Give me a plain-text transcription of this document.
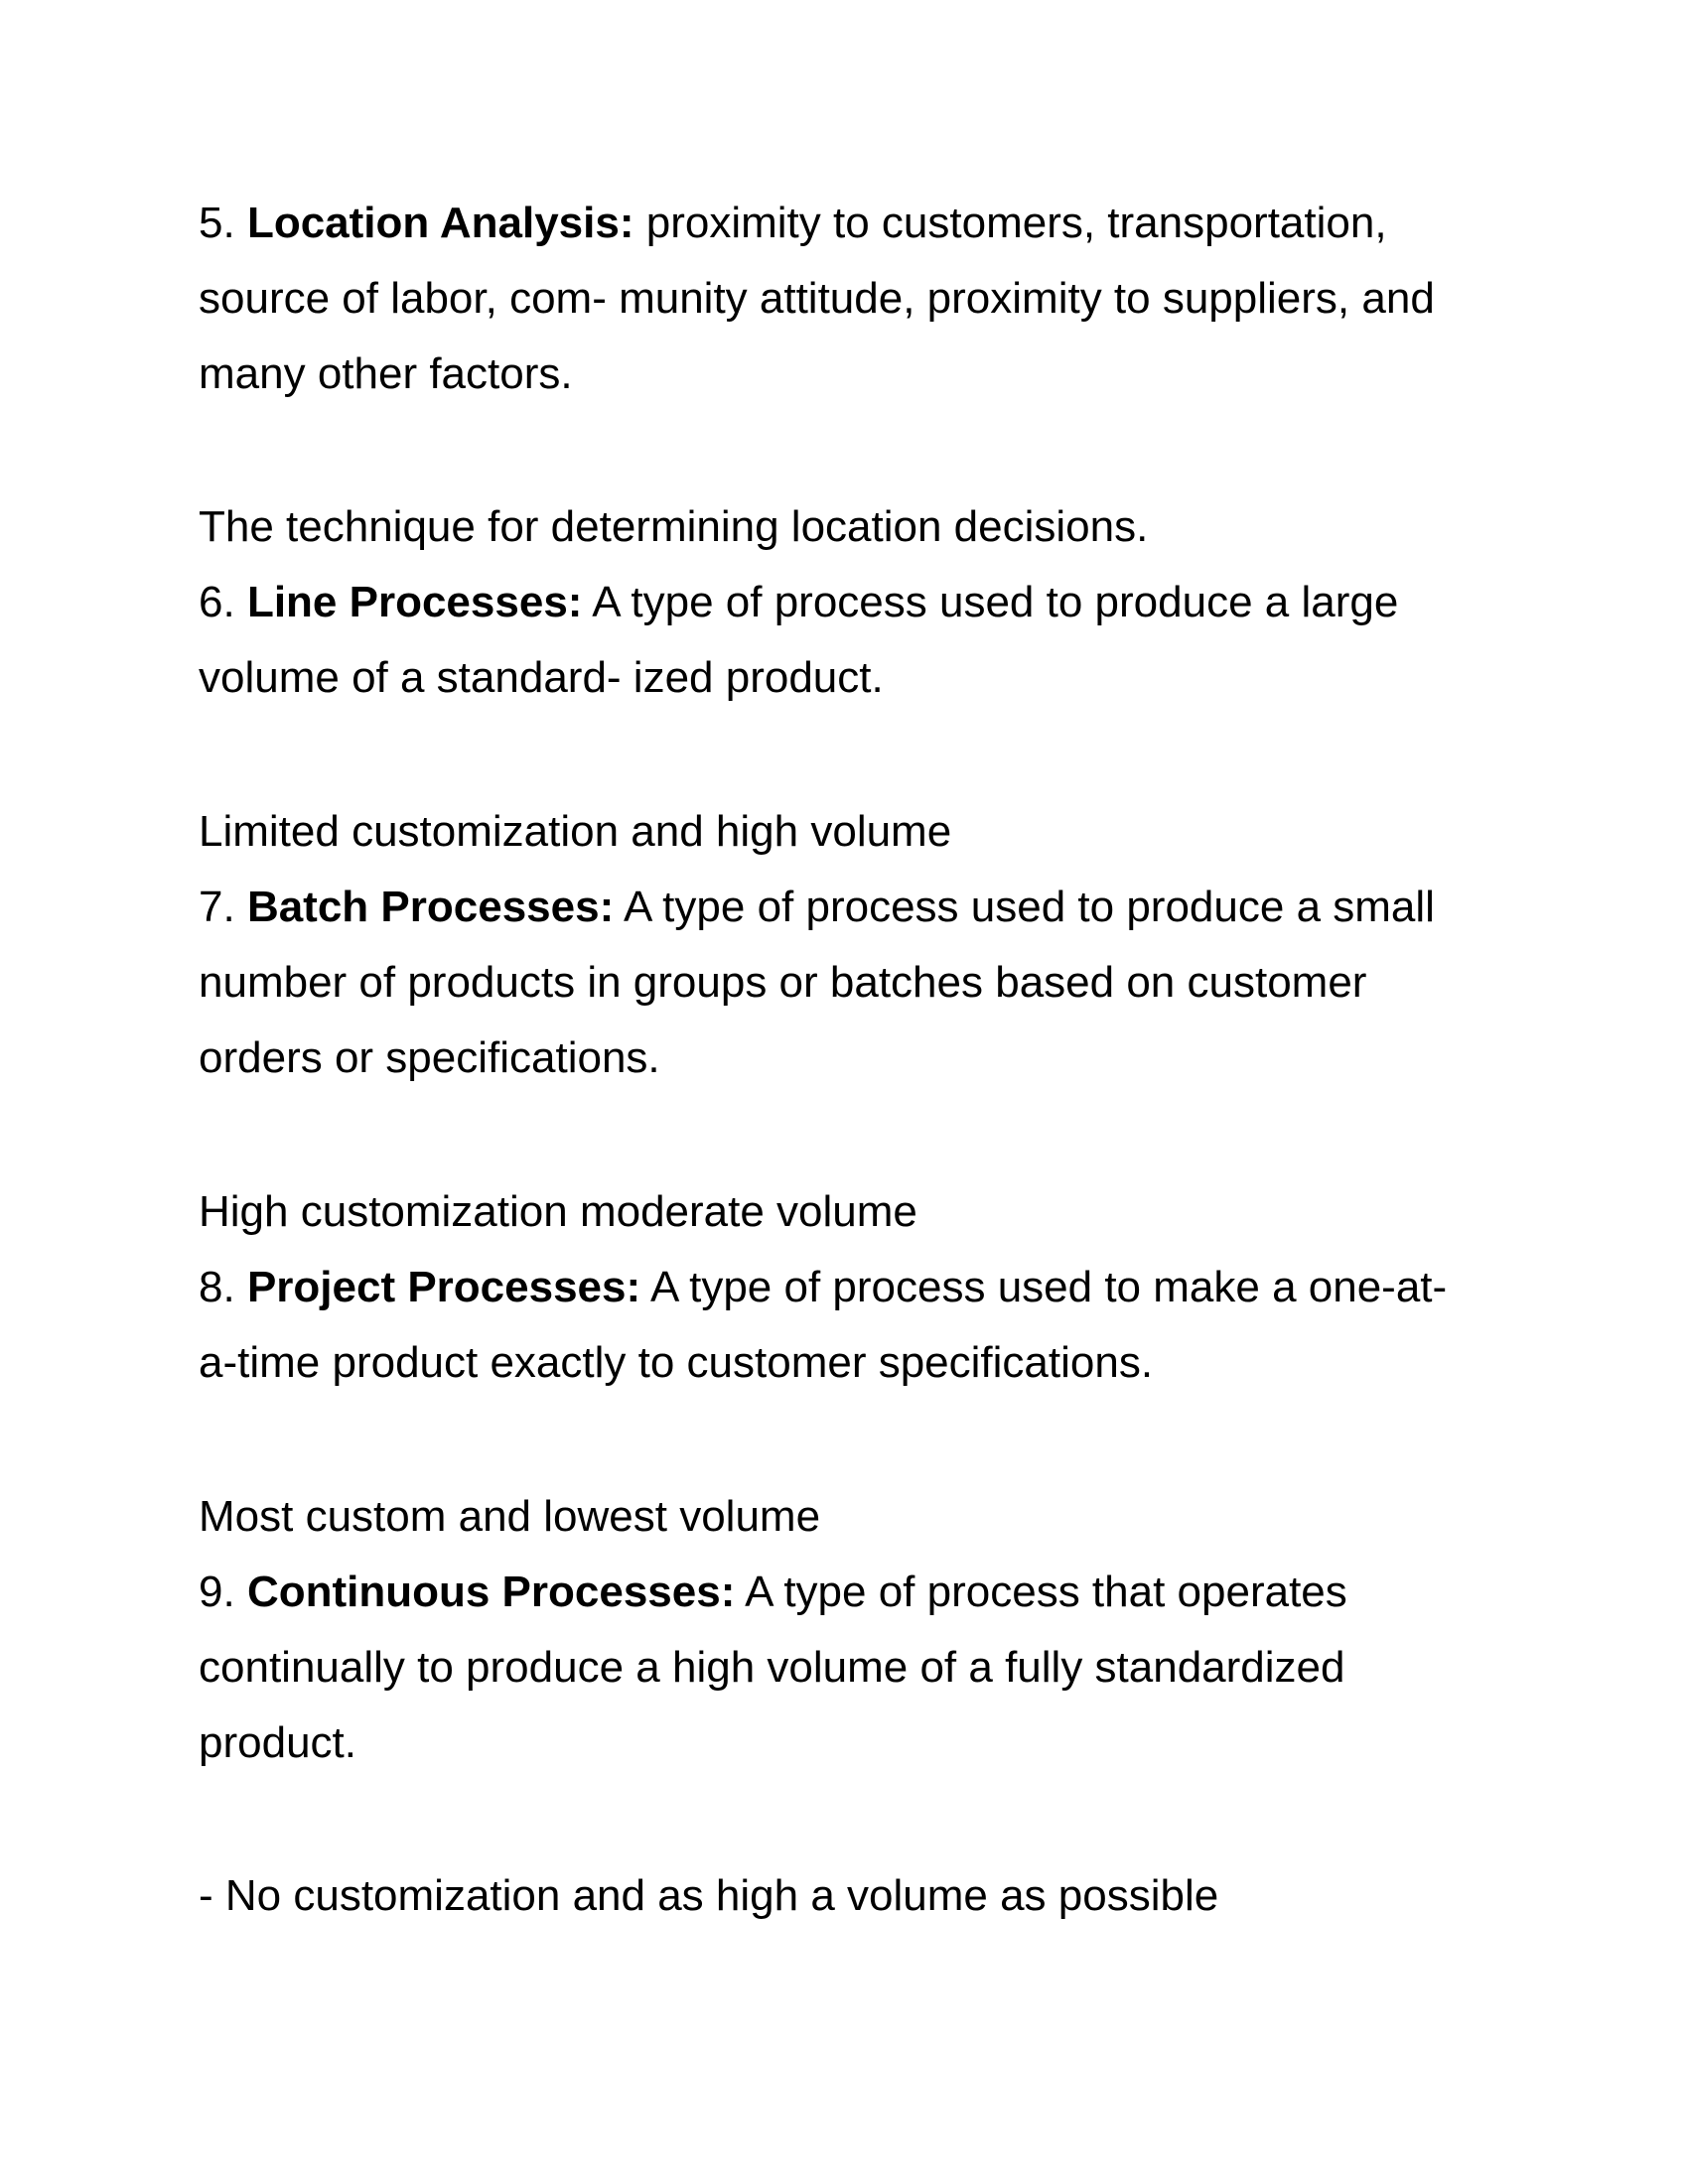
5. Location Analysis: proximity to customers, transportation,
source of labor, com- munity attitude, proximity to suppliers, and
many other factors.
The technique for determining location decisions.
6. Line Processes: A type of process used to produce a large
volume of a standard- ized product.
Limited customization and high volume
7. Batch Processes: A type of process used to produce a small
number of products in groups or batches based on customer
orders or specifications.
High customization moderate volume
8. Project Processes: A type of process used to make a one-at-
a-time product exactly to customer specifications.
Most custom and lowest volume
9. Continuous Processes: A type of process that operates
continually to produce a high volume of a fully standardized
product.
- No customization and as high a volume as possible
